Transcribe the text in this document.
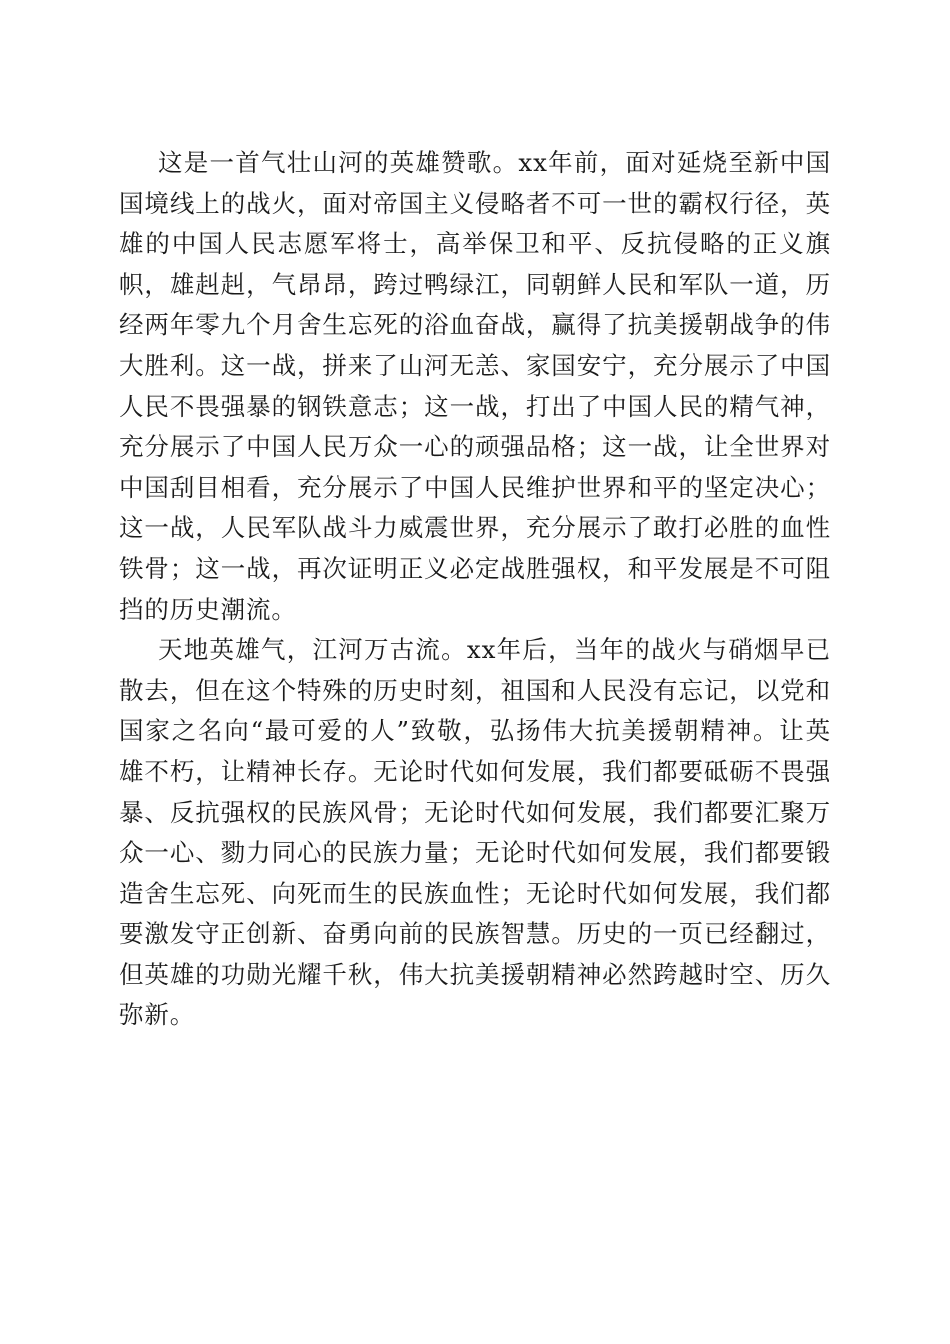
这是一首气壮山河的英雄赞歌。xx年前，面对延烧至新中国国境线上的战火，面对帝国主义侵略者不可一世的霸权行径，英雄的中国人民志愿军将士，高举保卫和平、反抗侵略的正义旗帜，雄赳赳，气昂昂，跨过鸭绿江，同朝鲜人民和军队一道，历经两年零九个月舍生忘死的浴血奋战，赢得了抗美援朝战争的伟大胜利。这一战，拼来了山河无恙、家国安宁，充分展示了中国人民不畏强暴的钢铁意志；这一战，打出了中国人民的精气神，充分展示了中国人民万众一心的顽强品格；这一战，让全世界对中国刮目相看，充分展示了中国人民维护世界和平的坚定决心；这一战，人民军队战斗力威震世界，充分展示了敢打必胜的血性铁骨；这一战，再次证明正义必定战胜强权，和平发展是不可阻挡的历史潮流。

天地英雄气，江河万古流。xx年后，当年的战火与硝烟早已散去，但在这个特殊的历史时刻，祖国和人民没有忘记，以党和国家之名向“最可爱的人”致敬，弘扬伟大抗美援朝精神。让英雄不朽，让精神长存。无论时代如何发展，我们都要砥砺不畏强暴、反抗强权的民族风骨；无论时代如何发展，我们都要汇聚万众一心、勠力同心的民族力量；无论时代如何发展，我们都要锻造舍生忘死、向死而生的民族血性；无论时代如何发展，我们都要激发守正创新、奋勇向前的民族智慧。历史的一页已经翻过，但英雄的功勋光耀千秋，伟大抗美援朝精神必然跨越时空、历久弥新。
